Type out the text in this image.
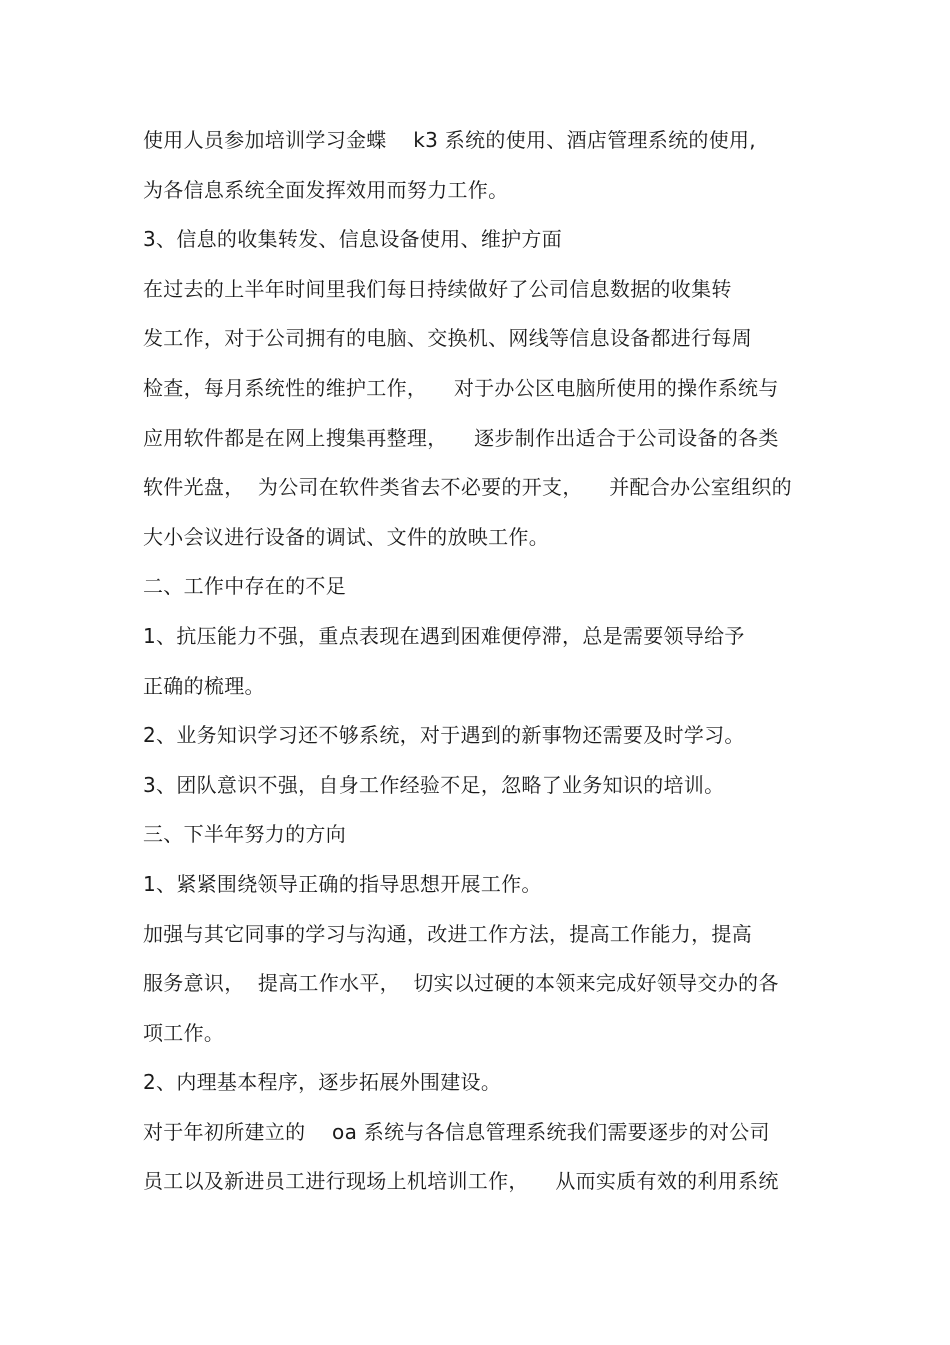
使用人员参加培训学习金蝶    k3 系统的使用、酒店管理系统的使用,
为各信息系统全面发挥效用而努力工作。
3、信息的收集转发、信息设备使用、维护方面
在过去的上半年时间里我们每日持续做好了公司信息数据的收集转
发工作，对于公司拥有的电脑、交换机、网线等信息设备都进行每周
检查，每月系统性的维护工作，    对于办公区电脑所使用的操作系统与
应用软件都是在网上搜集再整理，    逐步制作出适合于公司设备的各类
软件光盘，  为公司在软件类省去不必要的开支，    并配合办公室组织的
大小会议进行设备的调试、文件的放映工作。
二、工作中存在的不足
1、抗压能力不强，重点表现在遇到困难便停滞，总是需要领导给予
正确的梳理。
2、业务知识学习还不够系统，对于遇到的新事物还需要及时学习。
3、团队意识不强，自身工作经验不足，忽略了业务知识的培训。
三、下半年努力的方向
1、紧紧围绕领导正确的指导思想开展工作。
加强与其它同事的学习与沟通，改进工作方法，提高工作能力，提高
服务意识，  提高工作水平，  切实以过硬的本领来完成好领导交办的各
项工作。
2、内理基本程序，逐步拓展外围建设。
对于年初所建立的    oa 系统与各信息管理系统我们需要逐步的对公司
员工以及新进员工进行现场上机培训工作，    从而实质有效的利用系统
